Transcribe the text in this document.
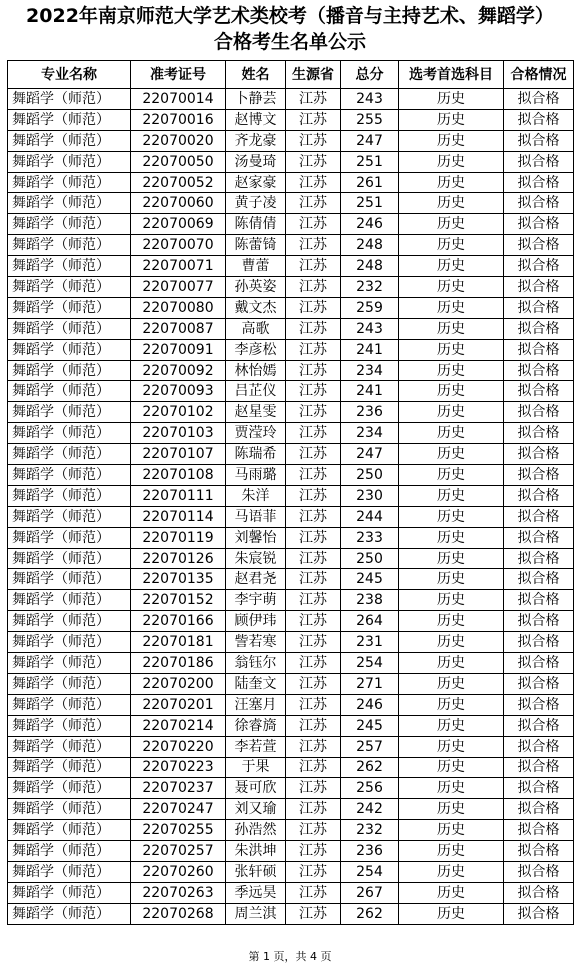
2022年南京师范大学艺术类校考（播音与主持艺术、舞蹈学）
合格考生名单公示
专业名称	准考证号	姓名	生源省	总分	选考首选科目	合格情况
舞蹈学（师范）	22070014	卜静芸	江苏	243	历史	拟合格
舞蹈学（师范）	22070016	赵博文	江苏	255	历史	拟合格
舞蹈学（师范）	22070020	齐龙豪	江苏	247	历史	拟合格
舞蹈学（师范）	22070050	汤曼琦	江苏	251	历史	拟合格
舞蹈学（师范）	22070052	赵家豪	江苏	261	历史	拟合格
舞蹈学（师范）	22070060	黄子凌	江苏	251	历史	拟合格
舞蹈学（师范）	22070069	陈倩倩	江苏	246	历史	拟合格
舞蹈学（师范）	22070070	陈蕾锜	江苏	248	历史	拟合格
舞蹈学（师范）	22070071	曹蕾	江苏	248	历史	拟合格
舞蹈学（师范）	22070077	孙英姿	江苏	232	历史	拟合格
舞蹈学（师范）	22070080	戴文杰	江苏	259	历史	拟合格
舞蹈学（师范）	22070087	高歌	江苏	243	历史	拟合格
舞蹈学（师范）	22070091	李彦松	江苏	241	历史	拟合格
舞蹈学（师范）	22070092	林怡嫣	江苏	234	历史	拟合格
舞蹈学（师范）	22070093	吕芷仪	江苏	241	历史	拟合格
舞蹈学（师范）	22070102	赵星雯	江苏	236	历史	拟合格
舞蹈学（师范）	22070103	贾滢玲	江苏	234	历史	拟合格
舞蹈学（师范）	22070107	陈瑞希	江苏	247	历史	拟合格
舞蹈学（师范）	22070108	马雨璐	江苏	250	历史	拟合格
舞蹈学（师范）	22070111	朱洋	江苏	230	历史	拟合格
舞蹈学（师范）	22070114	马语菲	江苏	244	历史	拟合格
舞蹈学（师范）	22070119	刘馨怡	江苏	233	历史	拟合格
舞蹈学（师范）	22070126	朱宸锐	江苏	250	历史	拟合格
舞蹈学（师范）	22070135	赵君尧	江苏	245	历史	拟合格
舞蹈学（师范）	22070152	李宇萌	江苏	238	历史	拟合格
舞蹈学（师范）	22070166	顾伊玮	江苏	264	历史	拟合格
舞蹈学（师范）	22070181	訾若寒	江苏	231	历史	拟合格
舞蹈学（师范）	22070186	翁钰尔	江苏	254	历史	拟合格
舞蹈学（师范）	22070200	陆奎文	江苏	271	历史	拟合格
舞蹈学（师范）	22070201	汪塞月	江苏	246	历史	拟合格
舞蹈学（师范）	22070214	徐睿旖	江苏	245	历史	拟合格
舞蹈学（师范）	22070220	李若萱	江苏	257	历史	拟合格
舞蹈学（师范）	22070223	于果	江苏	262	历史	拟合格
舞蹈学（师范）	22070237	聂可欣	江苏	256	历史	拟合格
舞蹈学（师范）	22070247	刘又瑜	江苏	242	历史	拟合格
舞蹈学（师范）	22070255	孙浩然	江苏	232	历史	拟合格
舞蹈学（师范）	22070257	朱洪坤	江苏	236	历史	拟合格
舞蹈学（师范）	22070260	张轩硕	江苏	254	历史	拟合格
舞蹈学（师范）	22070263	季远昊	江苏	267	历史	拟合格
舞蹈学（师范）	22070268	周兰淇	江苏	262	历史	拟合格
第 1 页，共 4 页
